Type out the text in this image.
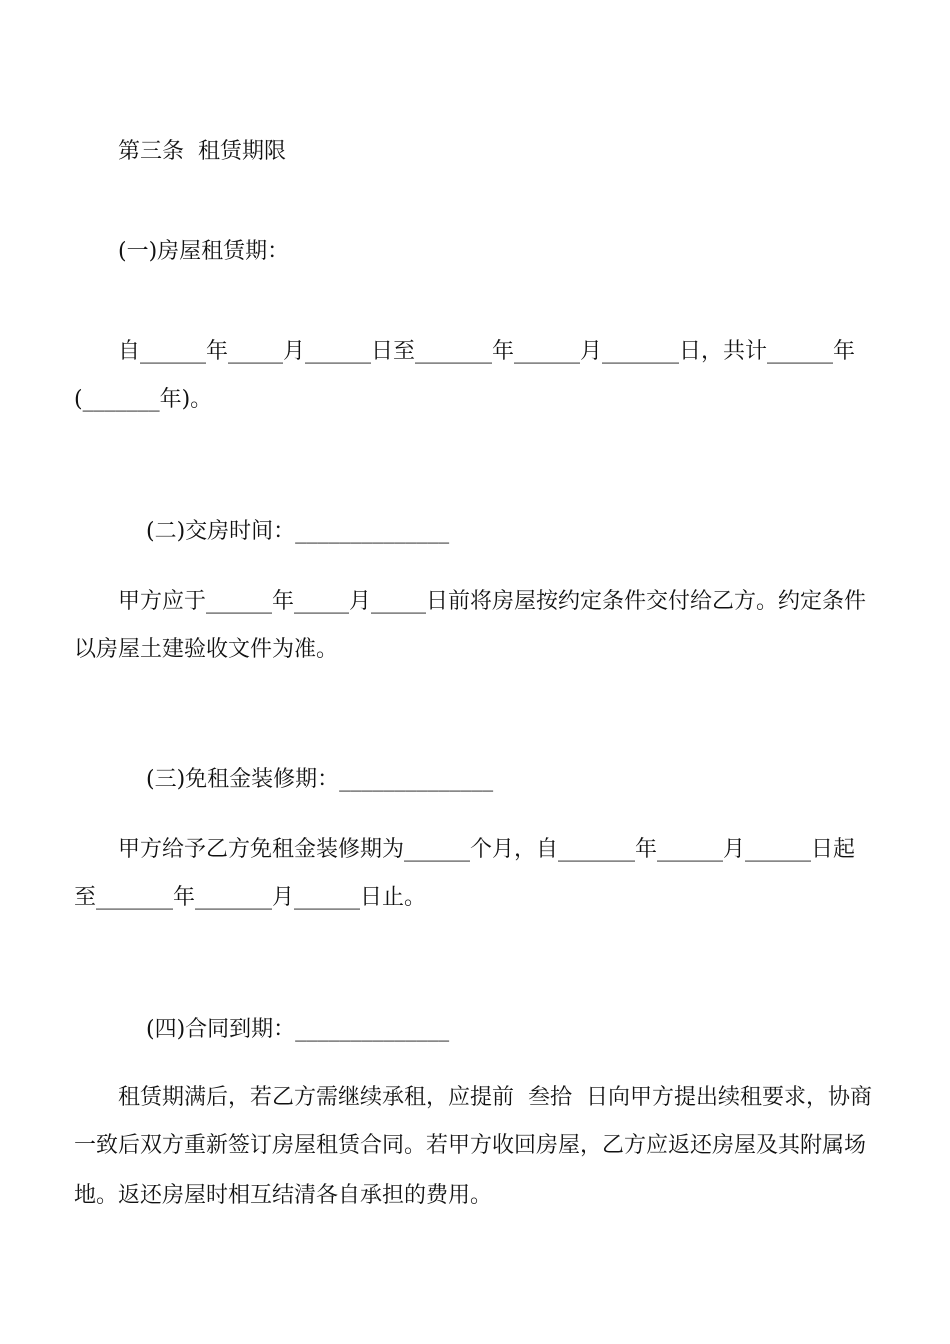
第三条  租赁期限
(一)房屋租赁期：
自______年_____月______日至_______年______月_______日，共计______年
(_______年)。

(二)交房时间：______________

甲方应于______年_____月_____日前将房屋按约定条件交付给乙方。约定条件
以房屋土建验收文件为准。

(三)免租金装修期：______________

甲方给予乙方免租金装修期为______个月，自_______年______月______日起
至_______年_______月______日止。

(四)合同到期：______________

租赁期满后，若乙方需继续承租，应提前  叁拾  日向甲方提出续租要求，协商
一致后双方重新签订房屋租赁合同。若甲方收回房屋，乙方应返还房屋及其附属场
地。返还房屋时相互结清各自承担的费用。
